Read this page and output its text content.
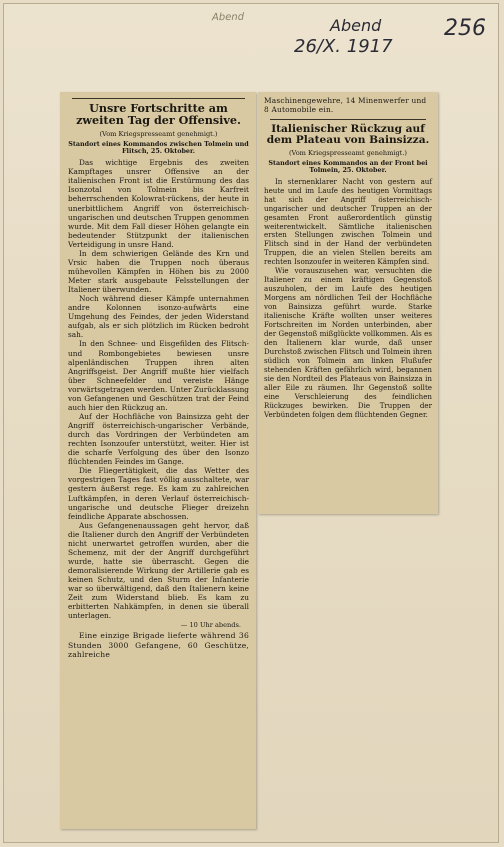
Abend	Abend
26/X. 1917
256
Unsre Fortschritte am zweiten Tag der Offensive.
(Vom Kriegspresseamt genehmigt.)
Standort eines Kommandos zwischen Tolmein und Flitsch, 25. Oktober.

Das wichtige Ergebnis des zweiten Kampftages unsrer Offensive an der italienischen Front ist die Erstürmung des das Isonzotal von Tolmein bis Karfreit beherrschenden Kolowrat-rückens, der heute in unerbittlichem Angriff von österreichisch-ungarischen und deutschen Truppen genommen wurde. Mit dem Fall dieser Höhen gelangte ein bedeutender Stützpunkt der italienischen Verteidigung in unsre Hand.

In dem schwierigen Gelände des Krn und Vrsic haben die Truppen noch überaus mühevollen Kämpfen in Höhen bis zu 2000 Meter stark ausgebaute Felsstellungen der Italiener überwunden.

Noch während dieser Kämpfe unternahmen andre Kolonnen isonzo-aufwärts eine Umgehung des Feindes, der jeden Widerstand aufgab, als er sich plötzlich im Rücken bedroht sah.

In den Schnee- und Eisgefilden des Flitsch- und Rombongebietes bewiesen unsre alpenländischen Truppen ihren alten Angriffsgeist. Der Angriff mußte hier vielfach über Schneefelder und vereiste Hänge vorwärtsgetragen werden. Unter Zurücklassung von Gefangenen und Geschützen trat der Feind auch hier den Rückzug an.

Auf der Hochfläche von Bainsizza geht der Angriff österreichisch-ungarischer Verbände, durch das Vordringen der Verbündeten am rechten Isonzoufer unterstützt, weiter. Hier ist die scharfe Verfolgung des über den Isonzo flüchtenden Feindes im Gange.

Die Fliegertätigkeit, die das Wetter des vorgestrigen Tages fast völlig ausschaltete, war gestern äußerst rege. Es kam zu zahlreichen Luftkämpfen, in deren Verlauf österreichisch-ungarische und deutsche Flieger dreizehn feindliche Apparate abschossen.

Aus Gefangenenaussagen geht hervor, daß die Italiener durch den Angriff der Verbündeten nicht unerwartet getroffen wurden, aber die Schemenz, mit der der Angriff durchgeführt wurde, hatte sie überrascht. Gegen die demoralisierende Wirkung der Artillerie gab es keinen Schutz, und den Sturm der Infanterie war so überwältigend, daß den Italienern keine Zeit zum Widerstand blieb. Es kam zu erbitterten Nahkämpfen, in denen sie überall unterlagen.

— 10 Uhr abends.

Eine einzige Brigade lieferte während 36 Stunden 3000 Gefangene, 60 Geschütze, zahlreiche

Maschinengewehre, 14 Minenwerfer und 8 Automobile ein.
Italienischer Rückzug auf dem Plateau von Bainsizza.
(Vom Kriegspresseamt genehmigt.)
Standort eines Kommandos an der Front bei Tolmein, 25. Oktober.

In sternenklarer Nacht von gestern auf heute und im Laufe des heutigen Vormittags hat sich der Angriff österreichisch-ungarischer und deutscher Truppen an der gesamten Front außerordentlich günstig weiterentwickelt. Sämtliche italienischen ersten Stellungen zwischen Tolmein und Flitsch sind in der Hand der verbündeten Truppen, die an vielen Stellen bereits am rechten Isonzoufer in weiteren Kämpfen sind.

Wie vorauszusehen war, versuchten die Italiener zu einem kräftigen Gegenstoß auszuholen, der im Laufe des heutigen Morgens am nördlichen Teil der Hochfläche von Bainsizza geführt wurde. Starke italienische Kräfte wollten unser weiteres Fortschreiten im Norden unterbinden, aber der Gegenstoß mißglückte vollkommen. Als es den Italienern klar wurde, daß unser Durchstoß zwischen Flitsch und Tolmein ihren südlich von Tolmein am linken Flußufer stehenden Kräften gefährlich wird, begannen sie den Nordteil des Plateaus von Bainsizza in aller Eile zu räumen. Ihr Gegenstoß sollte eine Verschleierung des feindlichen Rückzuges bewirken. Die Truppen der Verbündeten folgen dem flüchtenden Gegner.
